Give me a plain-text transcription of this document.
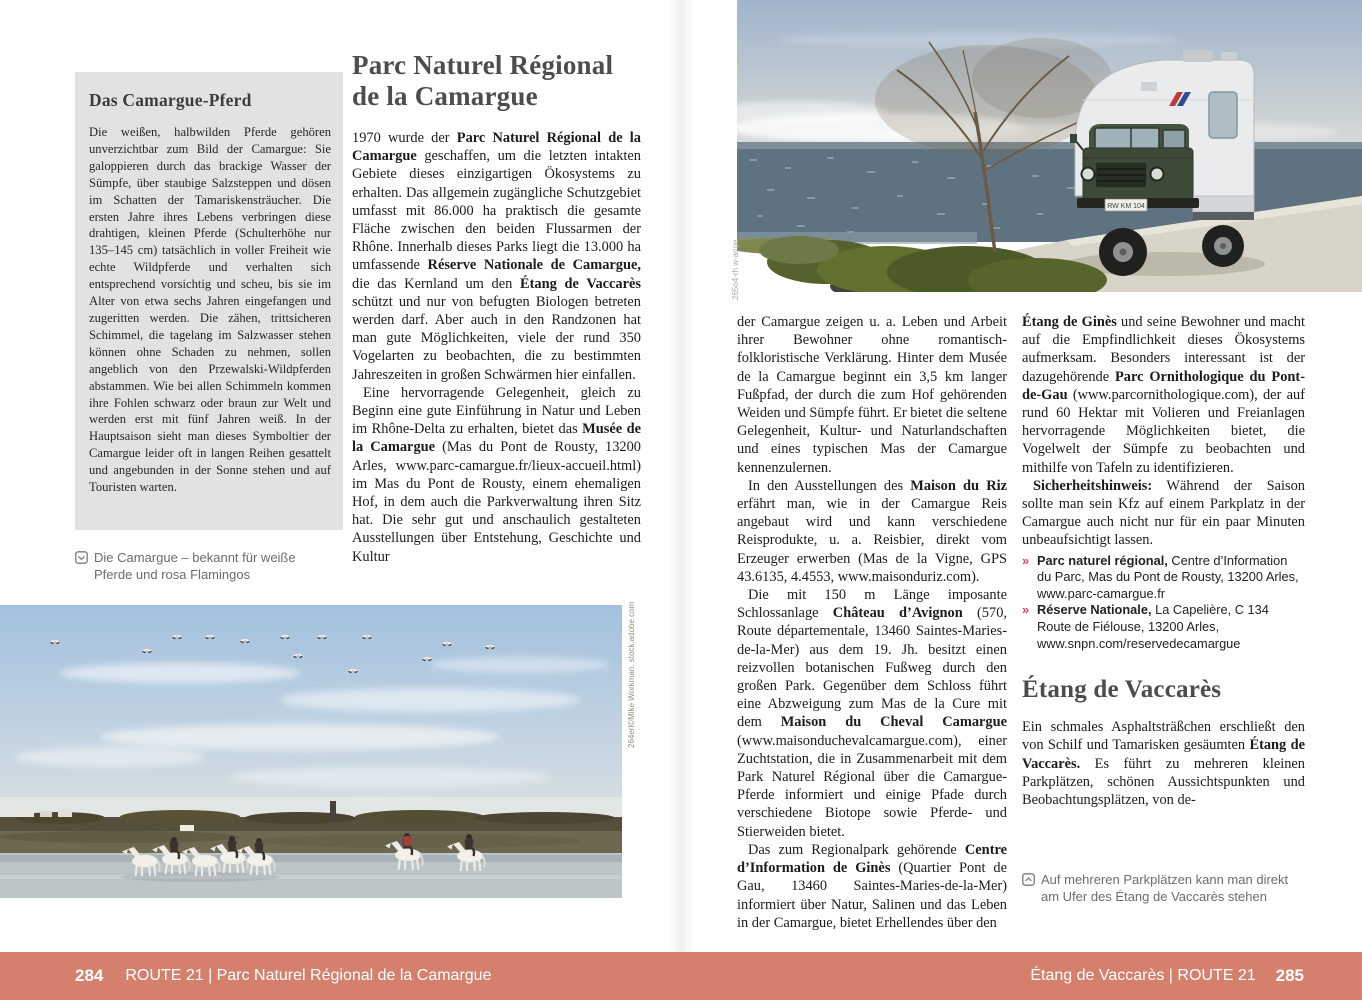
Das Camargue-Pferd
Die weißen, halbwilden Pferde gehören unverzichtbar zum Bild der Camargue: Sie galoppieren durch das brackige Wasser der Sümpfe, über staubige Salzsteppen und dösen im Schatten der Tamariskensträucher. Die ersten Jahre ihres Lebens verbringen diese drahtigen, kleinen Pferde (Schulterhöhe nur 135–145 cm) tatsächlich in voller Freiheit wie echte Wildpferde und verhalten sich entsprechend vorsichtig und scheu, bis sie im Alter von etwa sechs Jahren eingefangen und zugeritten werden. Die zähen, trittsicheren Schimmel, die tagelang im Salzwasser stehen können ohne Schaden zu nehmen, sollen angeblich von den Przewalski-Wildpferden abstammen. Wie bei allen Schimmeln kommen ihre Fohlen schwarz oder braun zur Welt und werden erst mit fünf Jahren weiß. In der Hauptsaison sieht man dieses Symboltier der Camargue leider oft in langen Reihen gesattelt und angebunden in der Sonne stehen und auf Touristen warten.
Parc Naturel Régional de la Camargue

1970 wurde der Parc Naturel Régional de la Camargue geschaffen, um die letzten intakten Gebiete dieses einzigartigen Ökosystems zu erhalten. Das allgemein zugängliche Schutzgebiet umfasst mit 86.000 ha praktisch die gesamte Fläche zwischen den beiden Flussarmen der Rhône. Innerhalb dieses Parks liegt die 13.000 ha umfassende Réserve Nationale de Camargue, die das Kernland um den Étang de Vaccarès schützt und nur von befugten Biologen betreten werden darf. Aber auch in den Randzonen hat man gute Möglichkeiten, viele der rund 350 Vogelarten zu beobachten, die zu bestimmten Jahreszeiten in großen Schwärmen hier einfallen.

Eine hervorragende Gelegenheit, gleich zu Beginn eine gute Einführung in Natur und Leben im Rhône-Delta zu erhalten, bietet das Musée de la Camargue (Mas du Pont de Rousty, 13200 Arles, www.parc-camargue.fr/lieux-accueil.html) im Mas du Pont de Rousty, einem ehemaligen Hof, in dem auch die Parkverwaltung ihren Sitz hat. Die sehr gut und anschaulich gestalteten Ausstellungen über Entstehung, Geschichte und Kultur

Die Camargue – bekannt für weiße Pferde und rosa Flamingos
264erl©Mike Workman, stock.adobe.com
RW KM 104
265o4-rh w-ange

der Camargue zeigen u. a. Leben und Arbeit ihrer Bewohner ohne romantisch-folkloristische Verklärung. Hinter dem Musée de la Camargue beginnt ein 3,5 km langer Fußpfad, der durch die zum Hof gehörenden Weiden und Sümpfe führt. Er bietet die seltene Gelegenheit, Kultur- und Naturlandschaften und eines typischen Mas der Camargue kennenzulernen.

In den Ausstellungen des Maison du Riz erfährt man, wie in der Camargue Reis angebaut wird und kann verschiedene Reisprodukte, u. a. Reisbier, direkt vom Erzeuger erwerben (Mas de la Vigne, GPS 43.6135, 4.4553, www.maisonduriz.com).

Die mit 150 m Länge imposante Schlossanlage Château d’Avignon (570, Route départementale, 13460 Saintes-Maries-de-la-Mer) aus dem 19. Jh. besitzt einen reizvollen botanischen Fußweg durch den großen Park. Gegenüber dem Schloss führt eine Abzweigung zum Mas de la Cure mit dem Maison du Cheval Camargue (www.maisonduchevalcamargue.com), einer Zuchtstation, die in Zusammenarbeit mit dem Park Naturel Régional über die Camargue-Pferde informiert und einige Pfade durch verschiedene Biotope sowie Pferde- und Stierweiden bietet.

Das zum Regionalpark gehörende Centre d’Information de Ginès (Quartier Pont de Gau, 13460 Saintes-Maries-de-la-Mer) informiert über Natur, Salinen und das Leben in der Camargue, bietet Erhellendes über den

Étang de Ginès und seine Bewohner und macht auf die Empfindlichkeit dieses Ökosystems aufmerksam. Besonders interessant ist der dazugehörende Parc Ornithologique du Pont-de-Gau (www.parcornithologique.com), der auf rund 60 Hektar mit Volieren und Freianlagen hervorragende Möglichkeiten bietet, die Vogelwelt der Sümpfe zu beobachten und mithilfe von Tafeln zu identifizieren.

Sicherheitshinweis: Während der Saison sollte man sein Kfz auf einem Parkplatz in der Camargue auch nicht nur für ein paar Minuten unbeaufsichtigt lassen.

» Parc naturel régional, Centre d’Information du Parc, Mas du Pont de Rousty, 13200 Arles, www.parc-camargue.fr
» Réserve Nationale, La Capelière, C 134 Route de Fiélouse, 13200 Arles, www.snpn.com/reservedecamargue
Étang de Vaccarès

Ein schmales Asphaltsträßchen erschließt den von Schilf und Tamarisken gesäumten Étang de Vaccarès. Es führt zu mehreren kleinen Parkplätzen, schönen Aussichtspunkten und Beobachtungsplätzen, von de-

Auf mehreren Parkplätzen kann man direkt am Ufer des Étang de Vaccarès stehen
284 ROUTE 21 | Parc Naturel Régional de la Camargue	Étang de Vaccarès | ROUTE 21 285
